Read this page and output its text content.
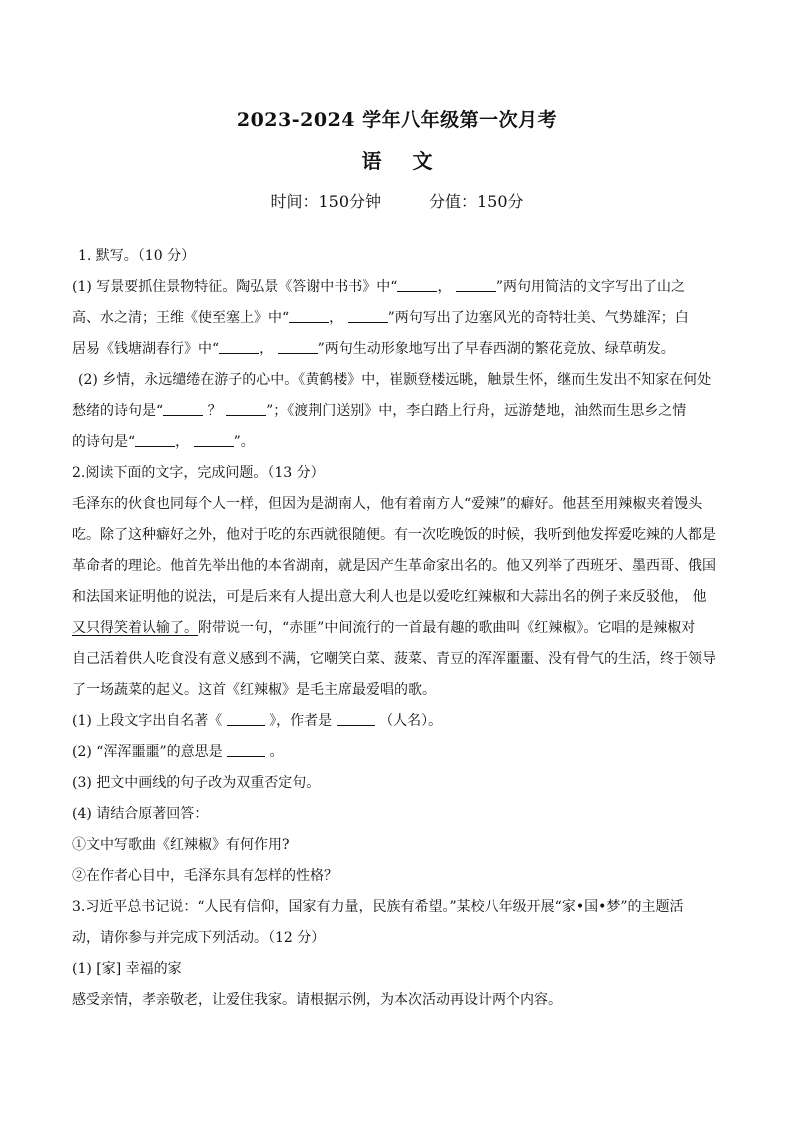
2023-2024 学年八年级第一次月考
语 文
时间：150分钟	分值：150分
1. 默写。（10 分）
(1) 写景要抓住景物特征。陶弘景《答谢中书书》中“	，	”两句用简洁的文字写出了山之
高、水之清；王维《使至塞上》中“	，	”两句写出了边塞风光的奇特壮美、气势雄浑；白
居易《钱塘湖春行》中“	，	”两句生动形象地写出了早春西湖的繁花竞放、绿草萌发。
(2) 乡情，永远缱绻在游子的心中。《黄鹤楼》中，崔颢登楼远眺，触景生怀，继而生发出不知家在何处
愁绪的诗句是“	？	”；《渡荆门送别》中，李白踏上行舟，远游楚地，油然而生思乡之情
的诗句是“	，	”。
2.阅读下面的文字，完成问题。（13 分）
毛泽东的伙食也同每个人一样，但因为是湖南人，他有着南方人“爱辣”的癖好。他甚至用辣椒夹着馒头
吃。除了这种癖好之外，他对于吃的东西就很随便。有一次吃晚饭的时候，我听到他发挥爱吃辣的人都是
革命者的理论。他首先举出他的本省湖南，就是因产生革命家出名的。他又列举了西班牙、墨西哥、俄国
和法国来证明他的说法，可是后来有人提出意大利人也是以爱吃红辣椒和大蒜出名的例子来反驳他， 他
又只得笑着认输了。附带说一句，“赤匪”中间流行的一首最有趣的歌曲叫《红辣椒》。它唱的是辣椒对
自己活着供人吃食没有意义感到不满，它嘲笑白菜、菠菜、青豆的浑浑噩噩、没有骨气的生活，终于领导
了一场蔬菜的起义。这首《红辣椒》是毛主席最爱唱的歌。
(1) 上段文字出自名著《	》，作者是	（人名）。
(2) “浑浑噩噩”的意思是	。
(3) 把文中画线的句子改为双重否定句。
(4) 请结合原著回答：
①文中写歌曲《红辣椒》有何作用?
②在作者心目中，毛泽东具有怎样的性格？
3.习近平总书记说：“人民有信仰，国家有力量，民族有希望。”某校八年级开展“家•国•梦”的主题活
动，请你参与并完成下列活动。（12 分）
(1) [家] 幸福的家
感受亲情，孝亲敬老，让爱住我家。请根据示例，为本次活动再设计两个内容。
